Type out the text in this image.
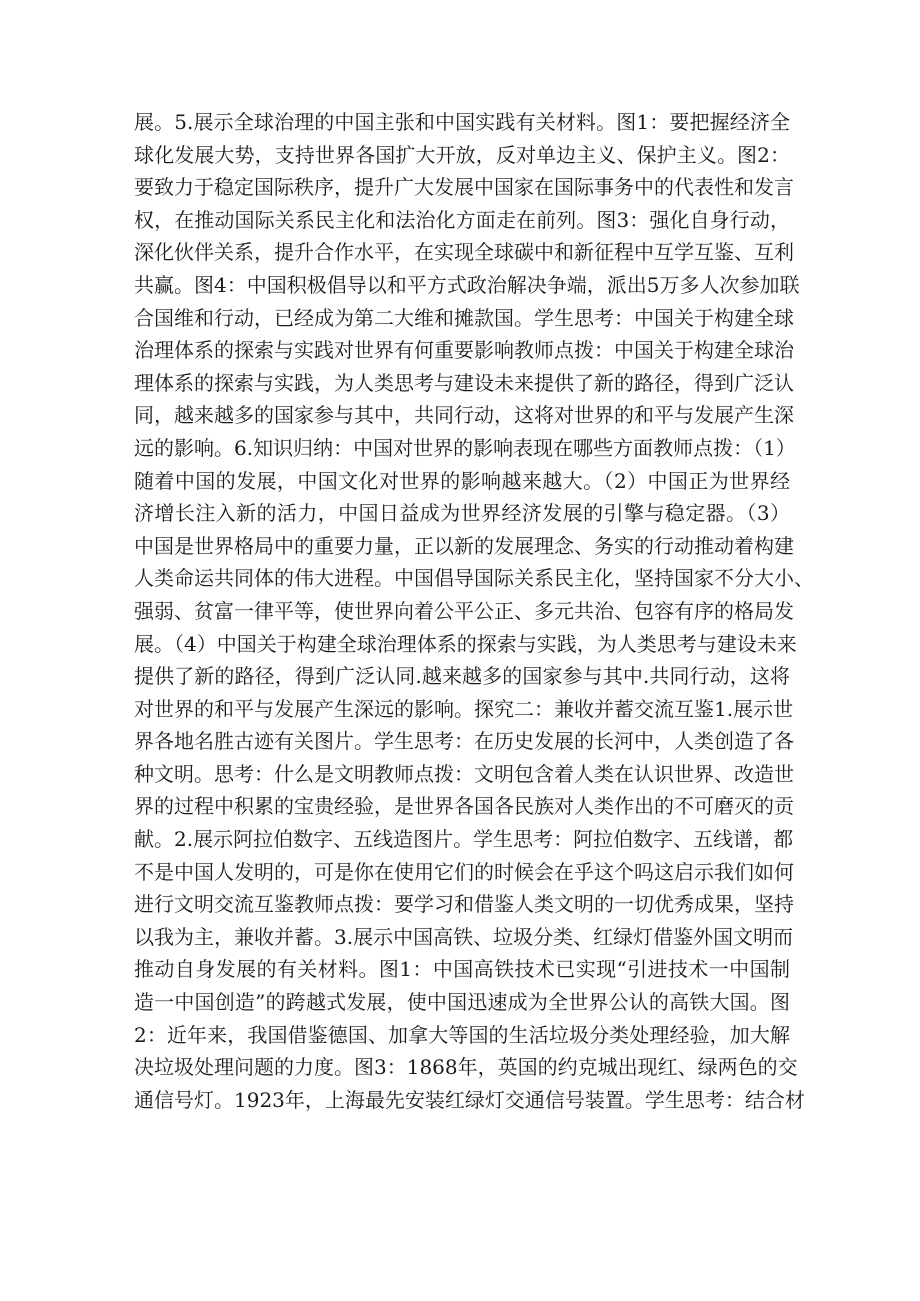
展。5.展示全球治理的中国主张和中国实践有关材料。图1：要把握经济全
球化发展大势，支持世界各国扩大开放，反对单边主义、保护主义。图2：
要致力于稳定国际秩序，提升广大发展中国家在国际事务中的代表性和发言
权，在推动国际关系民主化和法治化方面走在前列。图3：强化自身行动，
深化伙伴关系，提升合作水平，在实现全球碳中和新征程中互学互鉴、互利
共赢。图4：中国积极倡导以和平方式政治解决争端，派出5万多人次参加联
合国维和行动，已经成为第二大维和摊款国。学生思考：中国关于构建全球
治理体系的探索与实践对世界有何重要影响教师点拨：中国关于构建全球治
理体系的探索与实践，为人类思考与建设未来提供了新的路径，得到广泛认
同，越来越多的国家参与其中，共同行动，这将对世界的和平与发展产生深
远的影响。6.知识归纳：中国对世界的影响表现在哪些方面教师点拨：（1）
随着中国的发展，中国文化对世界的影响越来越大。（2）中国正为世界经
济增长注入新的活力，中国日益成为世界经济发展的引擎与稳定器。（3）
中国是世界格局中的重要力量，正以新的发展理念、务实的行动推动着构建
人类命运共同体的伟大进程。中国倡导国际关系民主化，坚持国家不分大小、
强弱、贫富一律平等，使世界向着公平公正、多元共治、包容有序的格局发
展。（4）中国关于构建全球治理体系的探索与实践，为人类思考与建设未来
提供了新的路径，得到广泛认同.越来越多的国家参与其中.共同行动，这将
对世界的和平与发展产生深远的影响。探究二：兼收并蓄交流互鉴1.展示世
界各地名胜古迹有关图片。学生思考：在历史发展的长河中，人类创造了各
种文明。思考：什么是文明教师点拨：文明包含着人类在认识世界、改造世
界的过程中积累的宝贵经验，是世界各国各民族对人类作出的不可磨灭的贡
献。2.展示阿拉伯数字、五线造图片。学生思考：阿拉伯数字、五线谱，都
不是中国人发明的，可是你在使用它们的时候会在乎这个吗这启示我们如何
进行文明交流互鉴教师点拨：要学习和借鉴人类文明的一切优秀成果，坚持
以我为主，兼收并蓄。3.展示中国高铁、垃圾分类、红绿灯借鉴外国文明而
推动自身发展的有关材料。图1：中国高铁技术已实现“引进技术一中国制
造一中国创造”的跨越式发展，使中国迅速成为全世界公认的高铁大国。图
2：近年来，我国借鉴德国、加拿大等国的生活垃圾分类处理经验，加大解
决垃圾处理问题的力度。图3：1868年，英国的约克城出现红、绿两色的交
通信号灯。1923年，上海最先安装红绿灯交通信号装置。学生思考：结合材
